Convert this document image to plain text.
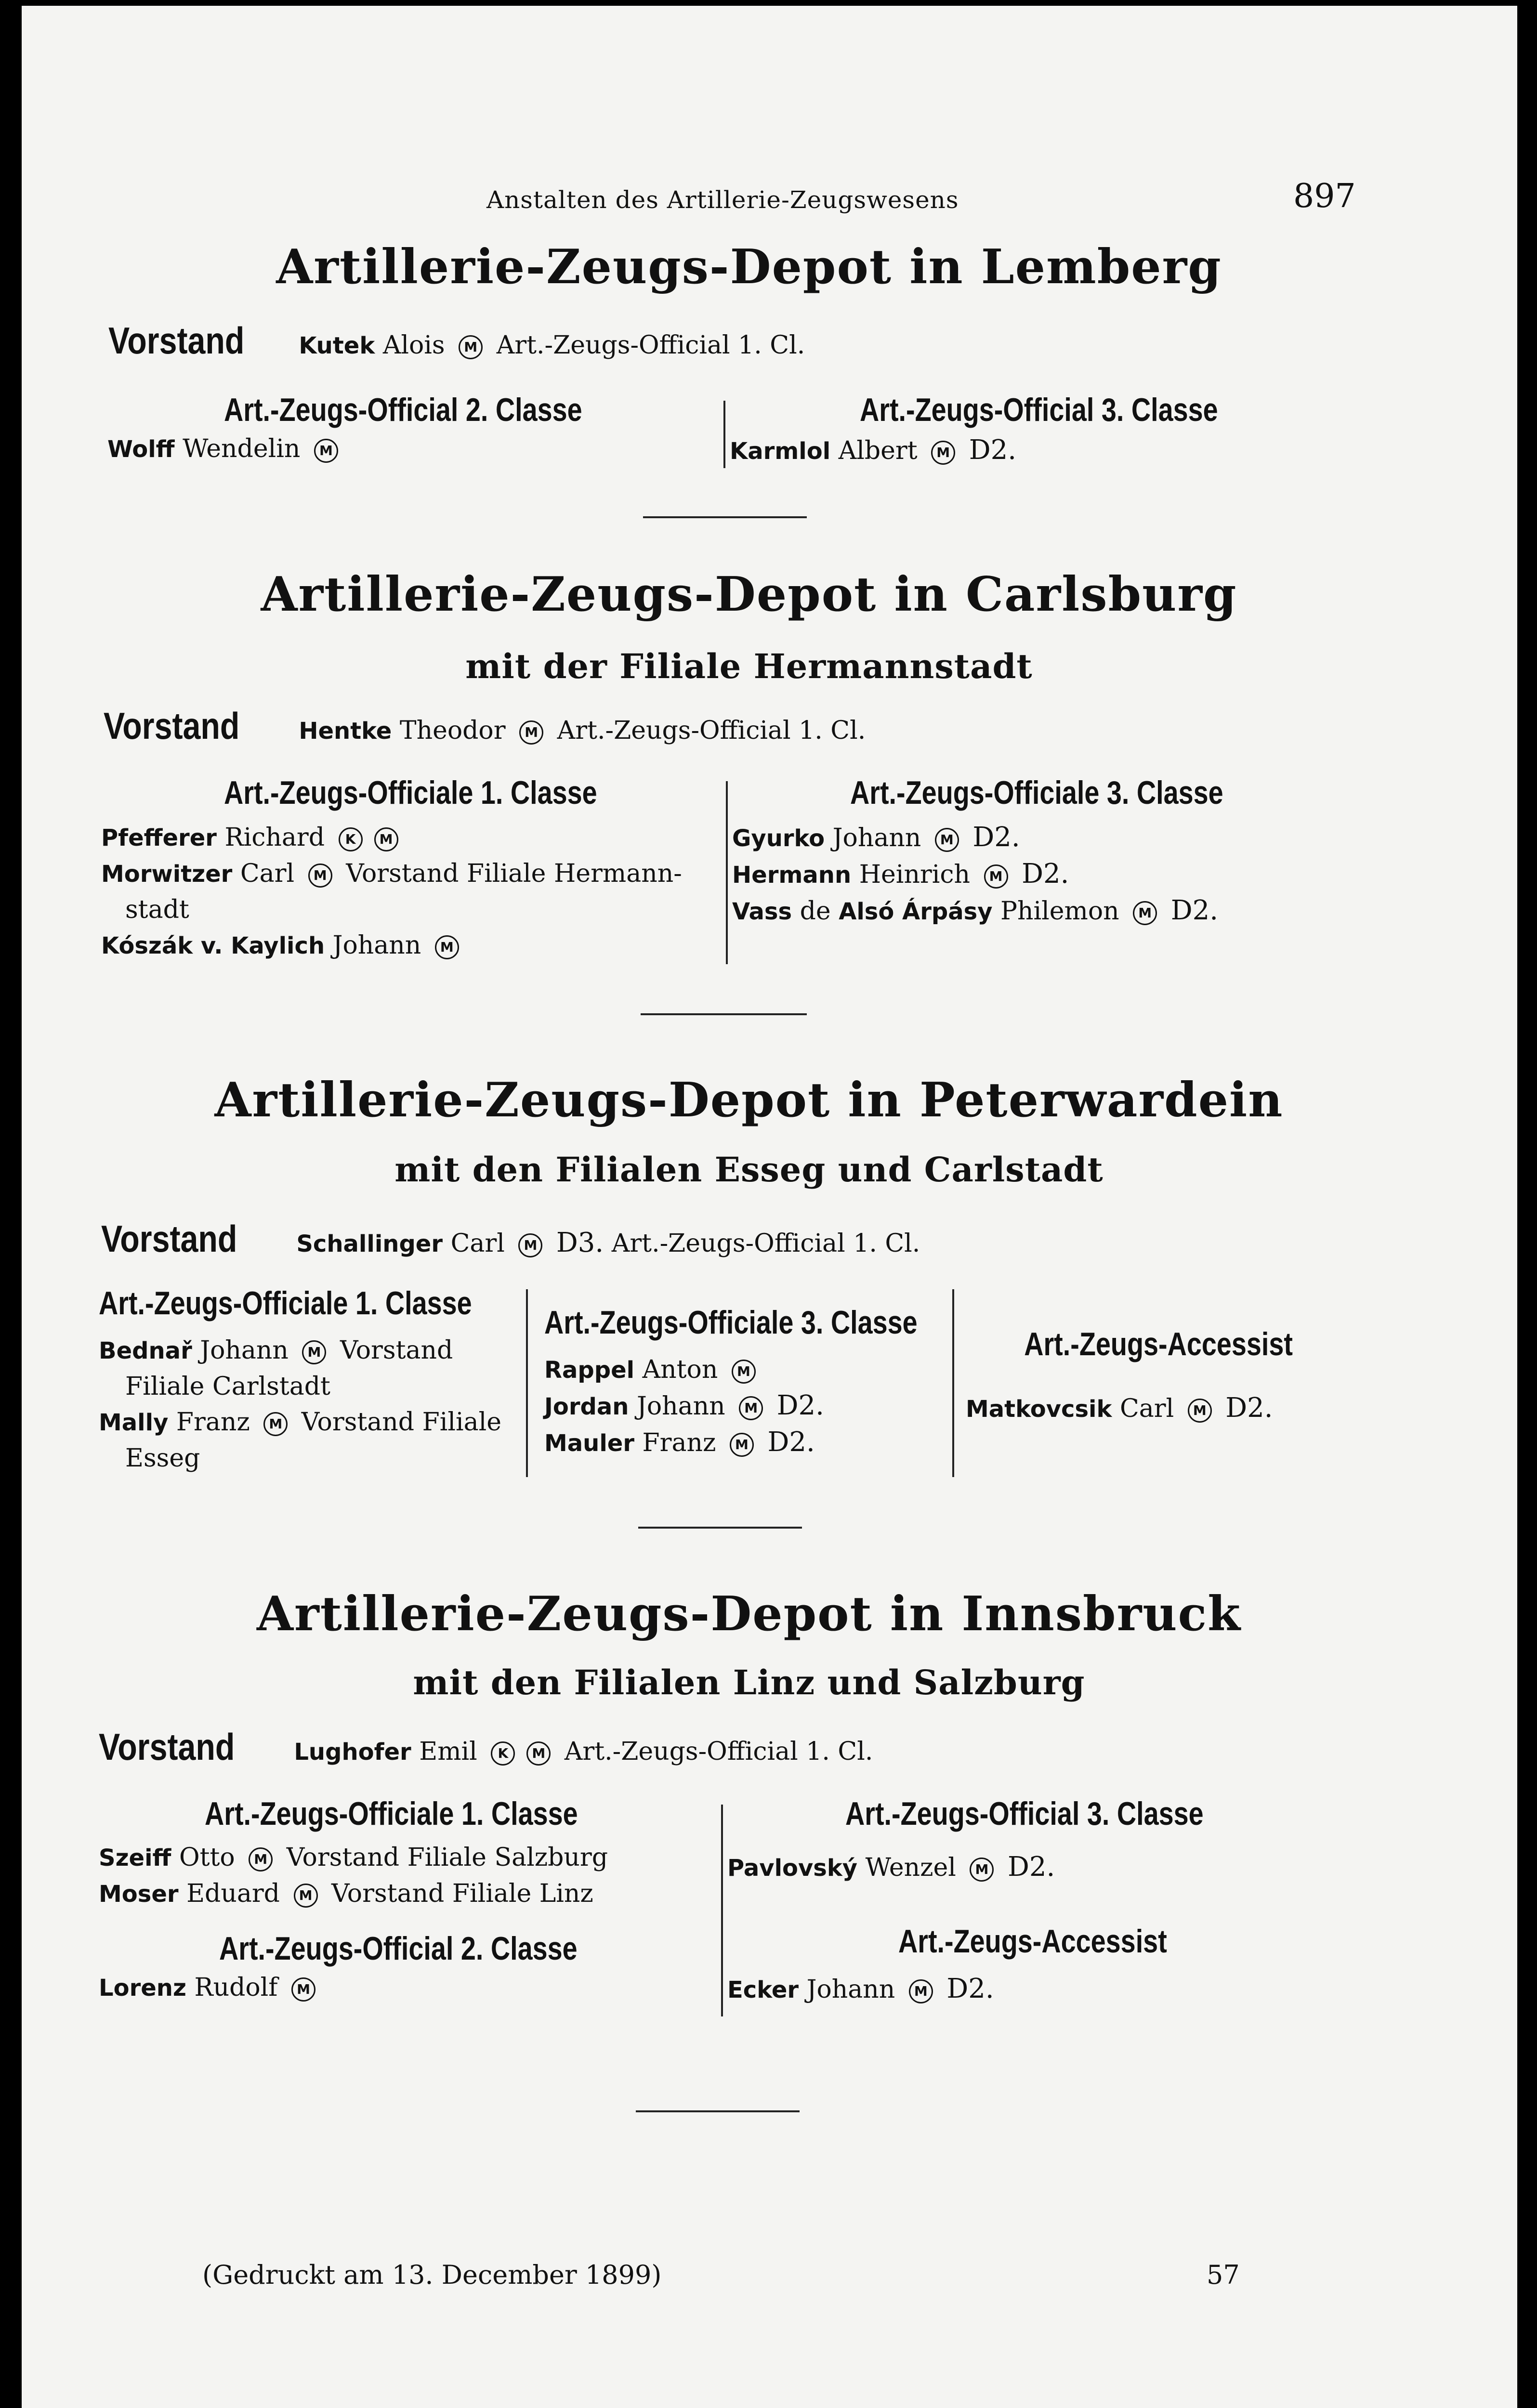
Anstalten des Artillerie-Zeugswesens	897
Artillerie-Zeugs-Depot in Lemberg
Vorstand Kutek Alois M Art.-Zeugs-Official 1. Cl.
Art.-Zeugs-Official 2. Classe
Wolff Wendelin M
Art.-Zeugs-Official 3. Classe
Karmlol Albert M D2.
Artillerie-Zeugs-Depot in Carlsburg
mit der Filiale Hermannstadt
Vorstand	Hentke Theodor M Art.-Zeugs-Official 1. Cl.
Art.-Zeugs-Officiale 1. Classe
Pfefferer Richard K M
Morwitzer Carl M Vorstand Filiale Hermann-
stadt
Kószák v. Kaylich Johann M
Art.-Zeugs-Officiale 3. Classe
Gyurko Johann M D2.
Hermann Heinrich M D2.
Vass de Alsó Árpásy Philemon M D2.
Artillerie-Zeugs-Depot in Peterwardein
mit den Filialen Esseg und Carlstadt
Vorstand	Schallinger Carl M D3. Art.-Zeugs-Official 1. Cl.
Art.-Zeugs-Officiale 1. Classe
Bednař Johann M Vorstand
Filiale Carlstadt
Mally Franz M Vorstand Filiale
Esseg
Art.-Zeugs-Officiale 3. Classe
Rappel Anton M
Jordan Johann M D2.
Mauler Franz M D2.
Art.-Zeugs-Accessist
Matkovcsik Carl M D2.
Artillerie-Zeugs-Depot in Innsbruck
mit den Filialen Linz und Salzburg
Vorstand	Lughofer Emil K M Art.-Zeugs-Official 1. Cl.
Art.-Zeugs-Officiale 1. Classe
Szeiff Otto M Vorstand Filiale Salzburg
Moser Eduard M Vorstand Filiale Linz
Art.-Zeugs-Official 2. Classe
Lorenz Rudolf M
Art.-Zeugs-Official 3. Classe
Pavlovský Wenzel M D2.
Art.-Zeugs-Accessist
Ecker Johann M D2.
(Gedruckt am 13. December 1899)	57
